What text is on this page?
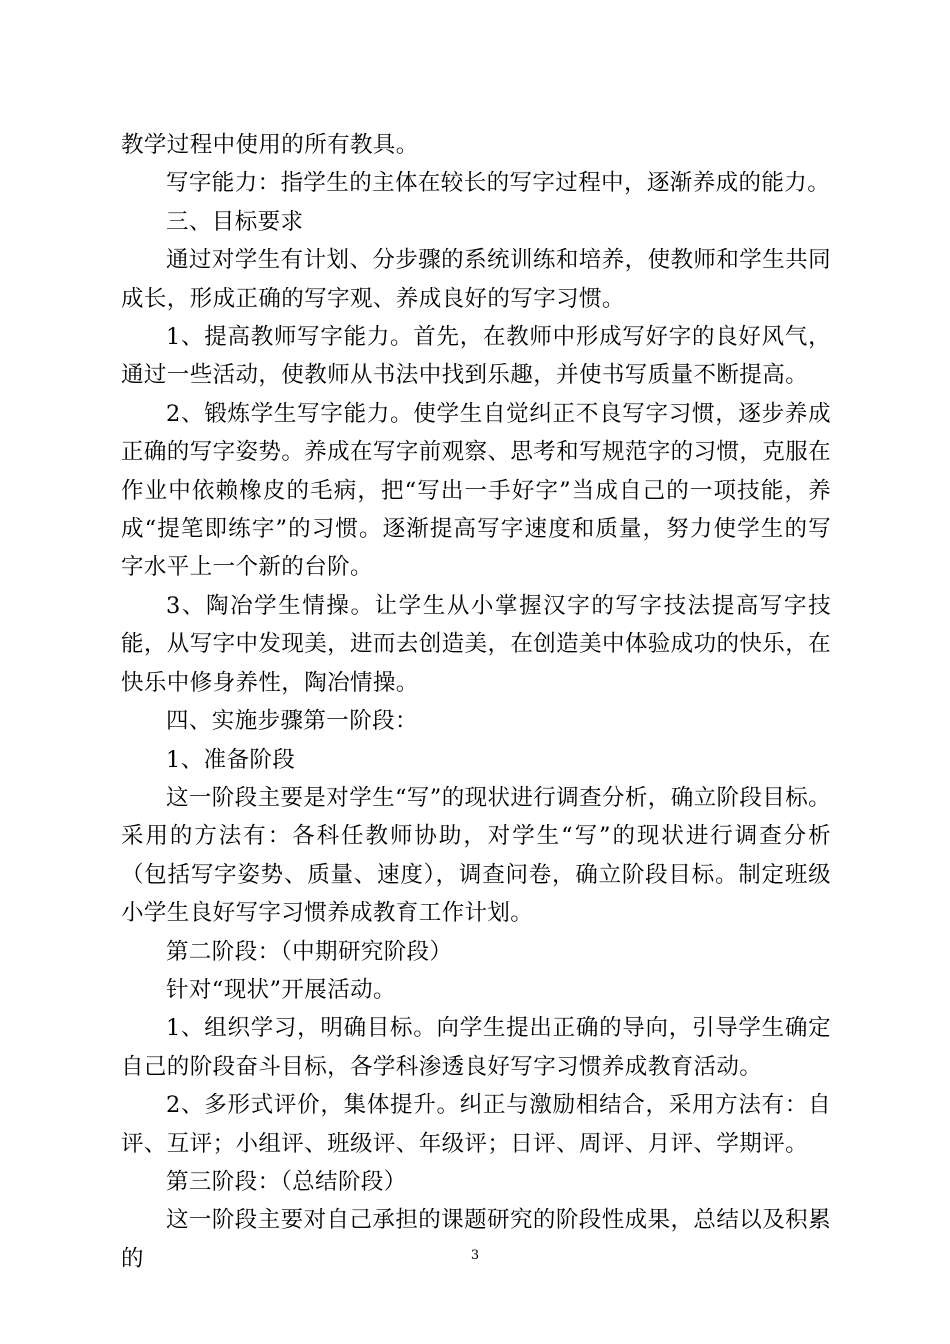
教学过程中使用的所有教具。

写字能力：指学生的主体在较长的写字过程中，逐渐养成的能力。

三、目标要求

通过对学生有计划、分步骤的系统训练和培养，使教师和学生共同成长，形成正确的写字观、养成良好的写字习惯。

1、提高教师写字能力。首先，在教师中形成写好字的良好风气，通过一些活动，使教师从书法中找到乐趣，并使书写质量不断提高。

2、锻炼学生写字能力。使学生自觉纠正不良写字习惯，逐步养成正确的写字姿势。养成在写字前观察、思考和写规范字的习惯，克服在作业中依赖橡皮的毛病，把“写出一手好字”当成自己的一项技能，养成“提笔即练字”的习惯。逐渐提高写字速度和质量，努力使学生的写字水平上一个新的台阶。

3、陶冶学生情操。让学生从小掌握汉字的写字技法提高写字技能，从写字中发现美，进而去创造美，在创造美中体验成功的快乐，在快乐中修身养性，陶冶情操。

四、实施步骤第一阶段：

1、准备阶段

这一阶段主要是对学生“写”的现状进行调查分析，确立阶段目标。采用的方法有：各科任教师协助，对学生“写”的现状进行调查分析（包括写字姿势、质量、速度），调查问卷，确立阶段目标。制定班级小学生良好写字习惯养成教育工作计划。

第二阶段：（中期研究阶段）

针对“现状”开展活动。

1、组织学习，明确目标。向学生提出正确的导向，引导学生确定自己的阶段奋斗目标，各学科渗透良好写字习惯养成教育活动。

2、多形式评价，集体提升。纠正与激励相结合，采用方法有：自评、互评；小组评、班级评、年级评；日评、周评、月评、学期评。

第三阶段：（总结阶段）

这一阶段主要对自己承担的课题研究的阶段性成果，总结以及积累的	3
